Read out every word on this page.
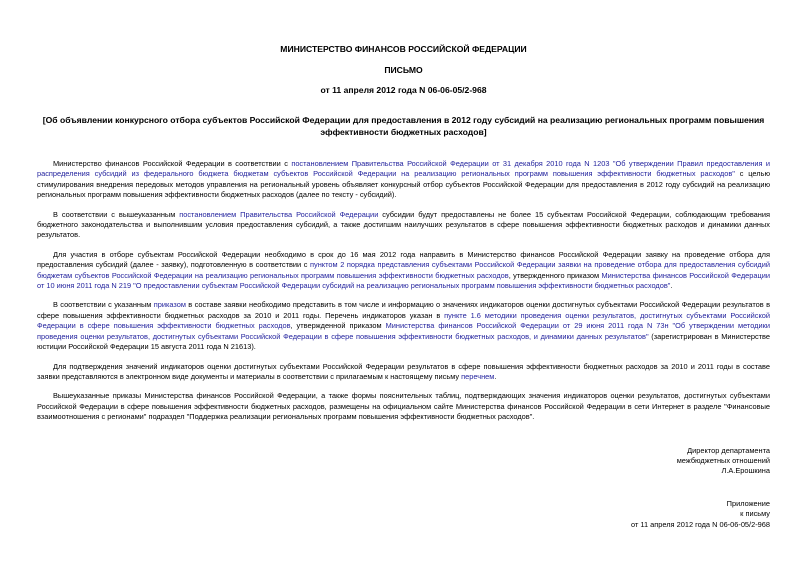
МИНИСТЕРСТВО ФИНАНСОВ РОССИЙСКОЙ ФЕДЕРАЦИИ

ПИСЬМО

от 11 апреля 2012 года N 06-06-05/2-968

[Об объявлении конкурсного отбора субъектов Российской Федерации для предоставления в 2012 году субсидий на реализацию региональных программ повышения эффективности бюджетных расходов]

Министерство финансов Российской Федерации в соответствии с постановлением Правительства Российской Федерации от 31 декабря 2010 года N 1203 "Об утверждении Правил предоставления и распределения субсидий из федерального бюджета бюджетам субъектов Российской Федерации на реализацию региональных программ повышения эффективности бюджетных расходов" с целью стимулирования внедрения передовых методов управления на региональный уровень объявляет конкурсный отбор субъектов Российской Федерации для предоставления в 2012 году субсидий на реализацию региональных программ повышения эффективности бюджетных расходов (далее по тексту - субсидий).

В соответствии с вышеуказанным постановлением Правительства Российской Федерации субсидии будут предоставлены не более 15 субъектам Российской Федерации, соблюдающим требования бюджетного законодательства и выполнившим условия предоставления субсидий, а также достигшим наилучших результатов в сфере повышения эффективности бюджетных расходов и динамики данных результатов.

Для участия в отборе субъектам Российской Федерации необходимо в срок до 16 мая 2012 года направить в Министерство финансов Российской Федерации заявку на проведение отбора для предоставления субсидий (далее - заявку), подготовленную в соответствии с пунктом 2 порядка представления субъектами Российской Федерации заявки на проведение отбора для предоставления субсидий бюджетам субъектов Российской Федерации на реализацию региональных программ повышения эффективности бюджетных расходов, утвержденного приказом Министерства финансов Российской Федерации от 10 июня 2011 года N 219 "О предоставлении субъектам Российской Федерации субсидий на реализацию региональных программ повышения эффективности бюджетных расходов".

В соответствии с указанным приказом в составе заявки необходимо представить в том числе и информацию о значениях индикаторов оценки достигнутых субъектами Российской Федерации результатов в сфере повышения эффективности бюджетных расходов за 2010 и 2011 годы. Перечень индикаторов указан в пункте 1.6 методики проведения оценки результатов, достигнутых субъектами Российской Федерации в сфере повышения эффективности бюджетных расходов, утвержденной приказом Министерства финансов Российской Федерации от 29 июня 2011 года N 73н "Об утверждении методики проведения оценки результатов, достигнутых субъектами Российской Федерации в сфере повышения эффективности бюджетных расходов, и динамики данных результатов" (зарегистрирован в Министерстве юстиции Российской Федерации 15 августа 2011 года N 21613).

Для подтверждения значений индикаторов оценки достигнутых субъектами Российской Федерации результатов в сфере повышения эффективности бюджетных расходов за 2010 и 2011 годы в составе заявки представляются в электронном виде документы и материалы в соответствии с прилагаемым к настоящему письму перечнем.

Вышеуказанные приказы Министерства финансов Российской Федерации, а также формы пояснительных таблиц, подтверждающих значения индикаторов оценки результатов, достигнутых субъектами Российской Федерации в сфере повышения эффективности бюджетных расходов, размещены на официальном сайте Министерства финансов Российской Федерации в сети Интернет в разделе "Финансовые взаимоотношения с регионами" подраздел "Поддержка реализации региональных программ повышения эффективности бюджетных расходов".

Директор департамента

межбюджетных отношений

Л.А.Ерошкина

Приложение

к письму

от 11 апреля 2012 года N 06-06-05/2-968
